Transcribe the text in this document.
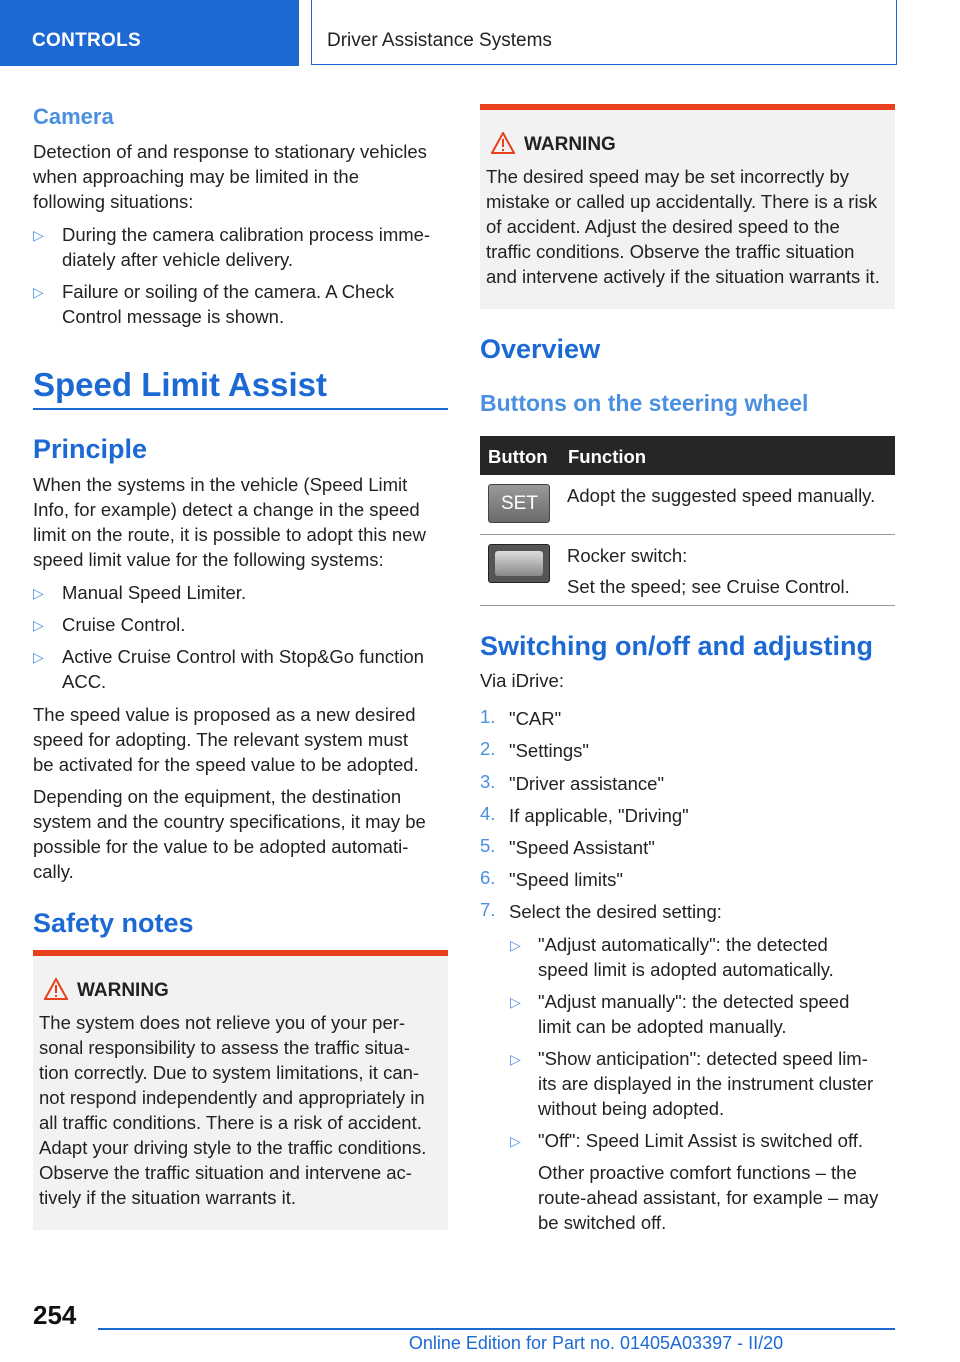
CONTROLS	Driver Assistance Systems
Camera

Detection of and response to stationary vehicles

when approaching may be limited in the

following situations:

▷ During the camera calibration process imme-

diately after vehicle delivery.

▷ Failure or soiling of the camera. A Check

Control message is shown.

Speed Limit Assist
Principle

When the systems in the vehicle (Speed Limit

Info, for example) detect a change in the speed

limit on the route, it is possible to adopt this new

speed limit value for the following systems:

▷ Manual Speed Limiter.

▷ Cruise Control.

▷ Active Cruise Control with Stop&Go function

ACC.

The speed value is proposed as a new desired

speed for adopting. The relevant system must

be activated for the speed value to be adopted.

Depending on the equipment, the destination

system and the country specifications, it may be

possible for the value to be adopted automati-

cally.

Safety notes
WARNING
The system does not relieve you of your per-
sonal responsibility to assess the traffic situa-
tion correctly. Due to system limitations, it can-
not respond independently and appropriately in
all traffic conditions. There is a risk of accident.
Adapt your driving style to the traffic conditions.
Observe the traffic situation and intervene ac-
tively if the situation warrants it.
WARNING
The desired speed may be set incorrectly by
mistake or called up accidentally. There is a risk
of accident. Adjust the desired speed to the
traffic conditions. Observe the traffic situation
and intervene actively if the situation warrants it.
Overview
Buttons on the steering wheel
Button Function
SET Adopt the suggested speed manually.

Rocker switch:

Set the speed; see Cruise Control.

Switching on/off and adjusting

Via iDrive:

1. "CAR"

2. "Settings"

3. "Driver assistance"

4. If applicable, "Driving"

5. "Speed Assistant"

6. "Speed limits"

7. Select the desired setting:

▷ "Adjust automatically": the detected

speed limit is adopted automatically.

▷ "Adjust manually": the detected speed

limit can be adopted manually.

▷ "Show anticipation": detected speed lim-

its are displayed in the instrument cluster

without being adopted.

▷ "Off": Speed Limit Assist is switched off.

Other proactive comfort functions – the

route-ahead assistant, for example – may

be switched off.

254
Online Edition for Part no. 01405A03397 - II/20
